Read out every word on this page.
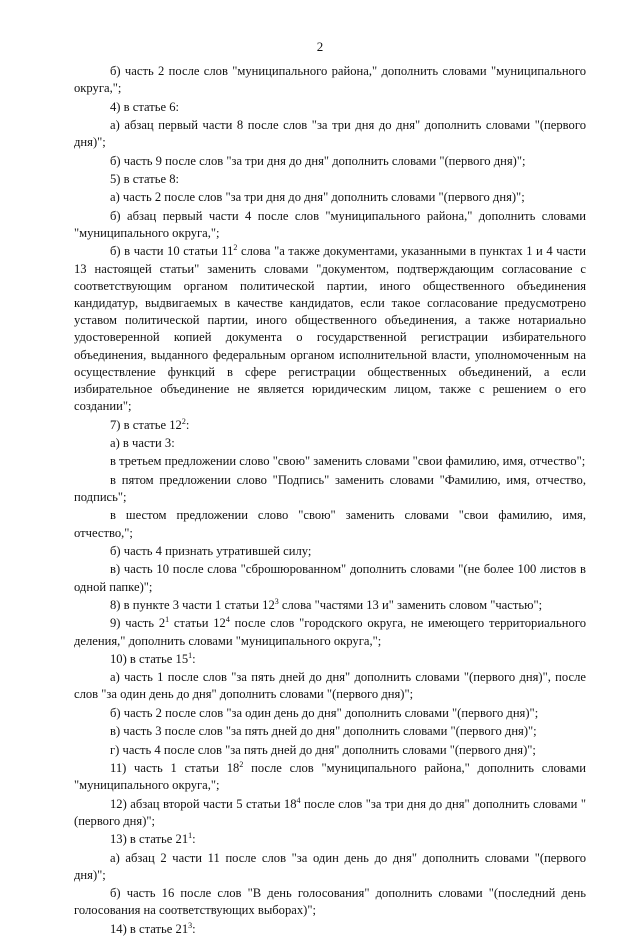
2

б) часть 2 после слов "муниципального района," дополнить словами "муниципального округа,";

4) в статье 6:

а) абзац первый части 8 после слов "за три дня до дня" дополнить словами "(первого дня)";

б) часть 9 после слов "за три дня до дня" дополнить словами "(первого дня)";

5) в статье 8:

а) часть 2 после слов "за три дня до дня" дополнить словами "(первого дня)";

б) абзац первый части 4 после слов "муниципального района," дополнить словами "муниципального округа,";

б) в части 10 статьи $11^2$ слова "а также документами, указанными в пунктах 1 и 4 части 13 настоящей статьи" заменить словами "документом, подтверждающим согласование с соответствующим органом политической партии, иного общественного объединения кандидатур, выдвигаемых в качестве кандидатов, если такое согласование предусмотрено уставом политической партии, иного общественного объединения, а также нотариально удостоверенной копией документа о государственной регистрации избирательного объединения, выданного федеральным органом исполнительной власти, уполномоченным на осуществление функций в сфере регистрации общественных объединений, а если избирательное объединение не является юридическим лицом, также с решением о его создании";

7) в статье $12^2$:

а) в части 3:

в третьем предложении слово "свою" заменить словами "свои фамилию, имя, отчество";

в пятом предложении слово "Подпись" заменить словами "Фамилию, имя, отчество, подпись";

в шестом предложении слово "свою" заменить словами "свои фамилию, имя, отчество,";

б) часть 4 признать утратившей силу;

в) часть 10 после слова "сброшюрованном" дополнить словами "(не более 100 листов в одной папке)";

8) в пункте 3 части 1 статьи $12^3$ слова "частями 13 и" заменить словом "частью";

9) часть $2^1$ статьи $12^4$ после слов "городского округа, не имеющего территориального деления," дополнить словами "муниципального округа,";

10) в статье $15^1$:

а) часть 1 после слов "за пять дней до дня" дополнить словами "(первого дня)", после слов "за один день до дня" дополнить словами "(первого дня)";

б) часть 2 после слов "за один день до дня" дополнить словами "(первого дня)";

в) часть 3 после слов "за пять дней до дня" дополнить словами "(первого дня)";

г) часть 4 после слов "за пять дней до дня" дополнить словами "(первого дня)";

11) часть 1 статьи $18^2$ после слов "муниципального района," дополнить словами "муниципального округа,";

12) абзац второй части 5 статьи $18^4$ после слов "за три дня до дня" дополнить словами "(первого дня)";

13) в статье $21^1$:

а) абзац 2 части 11 после слов "за один день до дня" дополнить словами "(первого дня)";

б) часть 16 после слов "В день голосования" дополнить словами "(последний день голосования на соответствующих выборах)";

14) в статье $21^3$:
